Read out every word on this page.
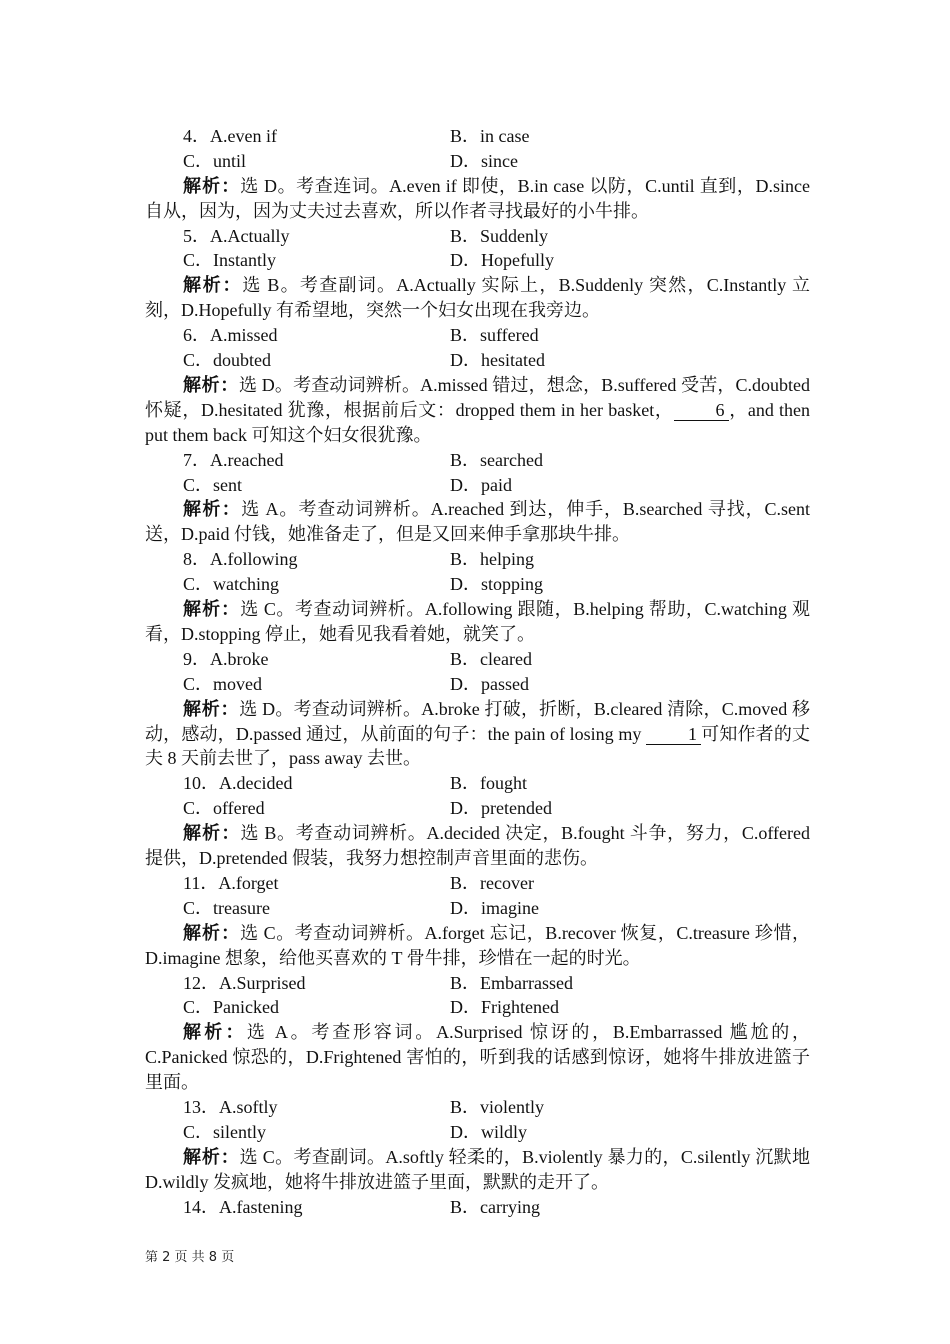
4．A.even if	B．in case
C．until	D．since
解析：选 D。考查连词。A.even if 即使，B.in case 以防，C.until 直到，D.since 自从，因为，因为丈夫过去喜欢，所以作者寻找最好的小牛排。
5．A.Actually	B．Suddenly
C．Instantly	D．Hopefully
解析：选 B。考查副词。A.Actually 实际上，B.Suddenly 突然，C.Instantly 立刻，D.Hopefully 有希望地，突然一个妇女出现在我旁边。
6．A.missed	B．suffered
C．doubted	D．hesitated
解析：选 D。考查动词辨析。A.missed 错过，想念，B.suffered 受苦，C.doubted 怀疑，D.hesitated 犹豫，根据前后文：dropped them in her basket， 6 ，and then put them back 可知这个妇女很犹豫。
7．A.reached	B．searched
C．sent	D．paid
解析：选 A。考查动词辨析。A.reached 到达，伸手，B.searched 寻找，C.sent 送，D.paid 付钱，她准备走了，但是又回来伸手拿那块牛排。
8．A.following	B．helping
C．watching	D．stopping
解析：选 C。考查动词辨析。A.following 跟随，B.helping 帮助，C.watching 观看，D.stopping 停止，她看见我看着她，就笑了。
9．A.broke	B．cleared
C．moved	D．passed
解析：选 D。考查动词辨析。A.broke 打破，折断，B.cleared 清除，C.moved 移动，感动，D.passed 通过，从前面的句子：the pain of losing my 1 可知作者的丈夫 8 天前去世了，pass away 去世。
10．A.decided	B．fought
C．offered	D．pretended
解析：选 B。考查动词辨析。A.decided 决定，B.fought 斗争，努力，C.offered 提供，D.pretended 假装，我努力想控制声音里面的悲伤。
11．A.forget	B．recover
C．treasure	D．imagine
解析：选 C。考查动词辨析。A.forget 忘记，B.recover 恢复，C.treasure 珍惜，D.imagine 想象，给他买喜欢的 T 骨牛排，珍惜在一起的时光。
12．A.Surprised	B．Embarrassed
C．Panicked	D．Frightened
解析：选 A。考查形容词。A.Surprised 惊讶的，B.Embarrassed 尴尬的，C.Panicked 惊恐的，D.Frightened 害怕的，听到我的话感到惊讶，她将牛排放进篮子里面。
13．A.softly	B．violently
C．silently	D．wildly
解析：选 C。考查副词。A.softly 轻柔的，B.violently 暴力的，C.silently 沉默地 D.wildly 发疯地，她将牛排放进篮子里面，默默的走开了。
14．A.fastening	B．carrying
第 2 页 共 8 页
